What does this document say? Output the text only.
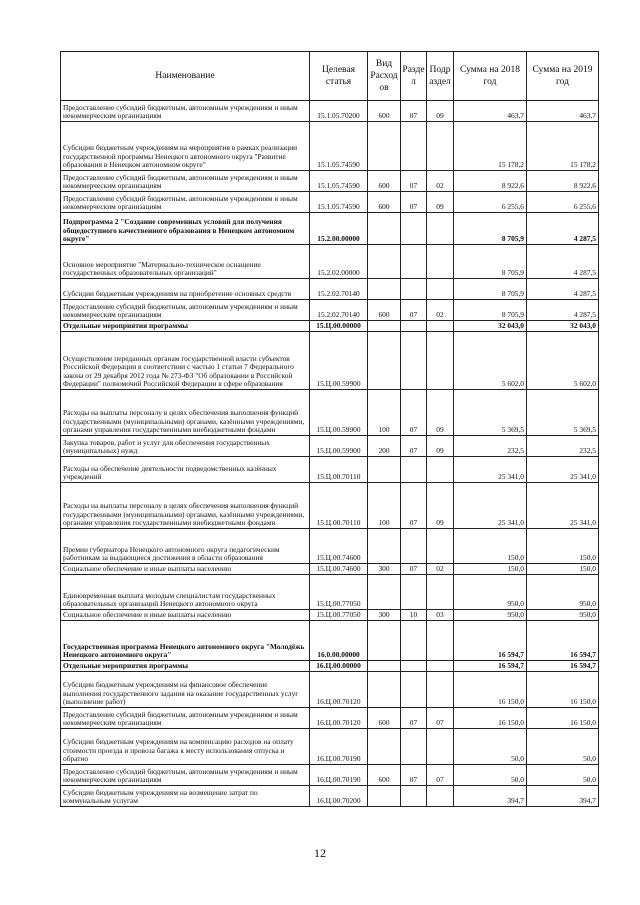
Наименование	Целевая статья	Вид Расход ов	Разде л	Подр аздел	Сумма на 2018 год	Сумма на 2019 год
Предоставление субсидий бюджетным, автономным учреждениям и иным некоммерческим организациям	15.1.05.70200	600	07	09	463,7	463,7
Субсидии бюджетным учреждениям на мероприятия в рамках реализации государственной программы Ненецкого автономного округа "Развитие образования в Ненецком автономном округе"	15.1.05.74590				15 178,2	15 178,2
Предоставление субсидий бюджетным, автономным учреждениям и иным некоммерческим организациям	15.1.05.74590	600	07	02	8 922,6	8 922,6
Предоставление субсидий бюджетным, автономным учреждениям и иным некоммерческим организациям	15.1.05.74590	600	07	09	6 255,6	6 255,6
Подпрограмма 2 "Создание современных условий для получения общедоступного качественного образования в Ненецком автономном округе"	15.2.00.00000				8 705,9	4 287,5
Основное мероприятие "Материально-техническое оснащение государственных образовательных организаций"	15.2.02.00000				8 705,9	4 287,5
Субсидии бюджетным учреждениям на приобретение основных средств	15.2.02.70140				8 705,9	4 287,5
Предоставление субсидий бюджетным, автономным учреждениям и иным некоммерческим организациям	15.2.02.70140	600	07	02	8 705,9	4 287,5
Отдельные мероприятия программы	15.Ц.00.00000				32 043,0	32 043,0
Осуществление переданных органам государственной власти субъектов Российской Федерации в соответствии с частью 1 статьи 7 Федерального закона от 29 декабря 2012 года № 273-ФЗ "Об образовании в Российской Федерации" полномочий Российской Федерации в сфере образования	15.Ц.00.59900				5 602,0	5 602,0
Расходы на выплаты персоналу в целях обеспечения выполнения функций государственными (муниципальными) органами, казёнными учреждениями, органами управления государственными внебюджетными фондами	15.Ц.00.59900	100	07	09	5 369,5	5 369,5
Закупка товаров, работ и услуг для обеспечения государственных (муниципальных) нужд	15.Ц.00.59900	200	07	09	232,5	232,5
Расходы на обеспечение деятельности подведомственных казённых учреждений	15.Ц.00.70110				25 341,0	25 341,0
Расходы на выплаты персоналу в целях обеспечения выполнения функций государственными (муниципальными) органами, казёнными учреждениями, органами управления государственными внебюджетными фондами	15.Ц.00.70110	100	07	09	25 341,0	25 341,0
Премии губернатора Ненецкого автономного округа педагогическим работникам за выдающиеся достижения в области образования	15.Ц.00.74600				150,0	150,0
Социальное обеспечение и иные выплаты населению	15.Ц.00.74600	300	07	02	150,0	150,0
Единовременная выплата молодым специалистам государственных образовательных организаций Ненецкого автономного округа	15.Ц.00.77050				950,0	950,0
Социальное обеспечение и иные выплаты населению	15.Ц.00.77050	300	10	03	950,0	950,0
Государственная программа Ненецкого автономного округа "Молодёжь Ненецкого автономного округа"	16.0.00.00000				16 594,7	16 594,7
Отдельные мероприятия программы	16.Ц.00.00000				16 594,7	16 594,7
Субсидии бюджетным учреждениям на финансовое обеспечение выполнения государственного задания на оказание государственных услуг (выполнение работ)	16.Ц.00.70120				16 150,0	16 150,0
Предоставление субсидий бюджетным, автономным учреждениям и иным некоммерческим организациям	16.Ц.00.70120	600	07	07	16 150,0	16 150,0
Субсидии бюджетным учреждениям на компенсацию расходов на оплату стоимости проезда и провоза багажа к месту использования отпуска и обратно	16.Ц.00.70190				50,0	50,0
Предоставление субсидий бюджетным, автономным учреждениям и иным некоммерческим организациям	16.Ц.00.70190	600	07	07	50,0	50,0
Субсидии бюджетным учреждениям на возмещение затрат по коммунальным услугам	16.Ц.00.70200				394,7	394,7
12
